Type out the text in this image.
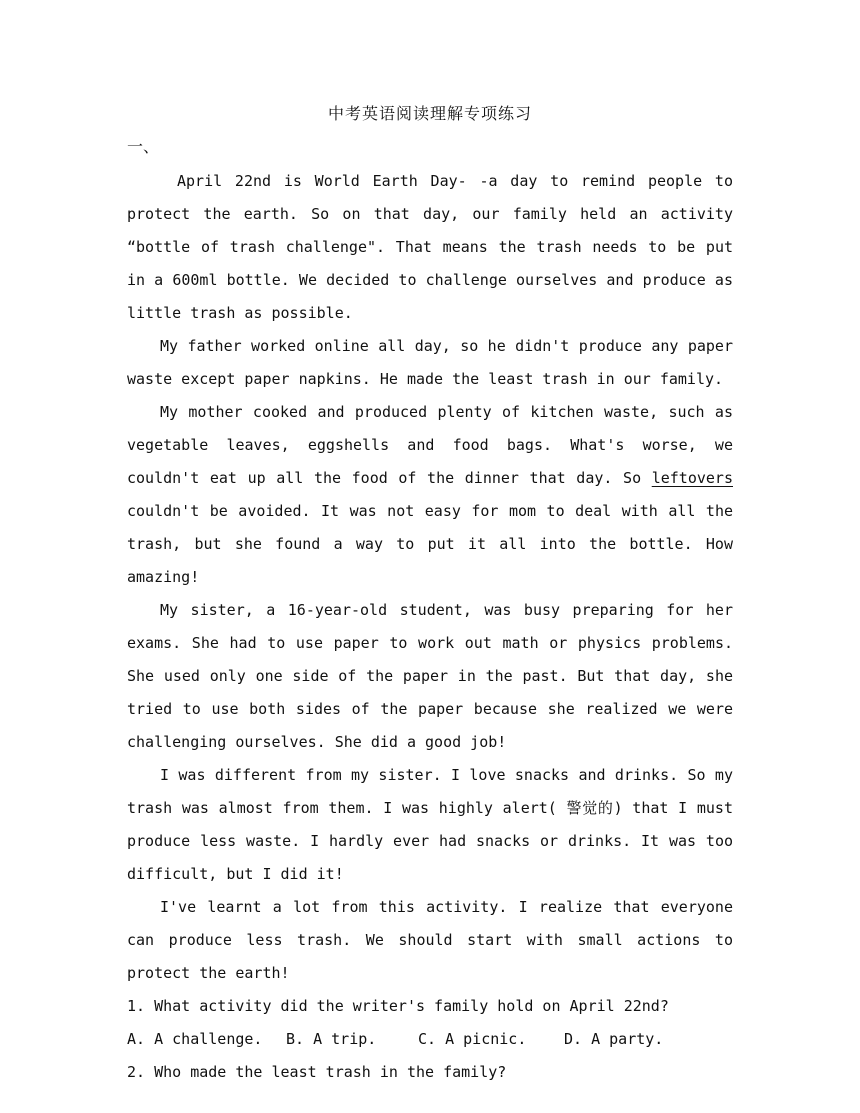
中考英语阅读理解专项练习
一、

April 22nd is World Earth Day- -a day to remind people to protect the earth. So on that day, our family held an activity “bottle of trash challenge". That means the trash needs to be put in a 600ml bottle. We decided to challenge ourselves and produce as little trash as possible.

My father worked online all day, so he didn't produce any paper waste except paper napkins. He made the least trash in our family.

My mother cooked and produced plenty of kitchen waste, such as vegetable leaves, eggshells and food bags. What's worse, we couldn't eat up all the food of the dinner that day. So leftovers couldn't be avoided. It was not easy for mom to deal with all the trash, but she found a way to put it all into the bottle. How amazing!

My sister, a 16-year-old student, was busy preparing for her exams. She had to use paper to work out math or physics problems. She used only one side of the paper in the past. But that day, she tried to use both sides of the paper because she realized we were challenging ourselves. She did a good job!

I was different from my sister. I love snacks and drinks. So my trash was almost from them. I was highly alert( 警觉的) that I must produce less waste. I hardly ever had snacks or drinks. It was too difficult, but I did it!

I've learnt a lot from this activity. I realize that everyone can produce less trash. We should start with small actions to protect the earth!

1. What activity did the writer's family hold on April 22nd?

A. A challenge.	B. A trip.	C. A picnic.	D. A party.

2. Who made the least trash in the family?
